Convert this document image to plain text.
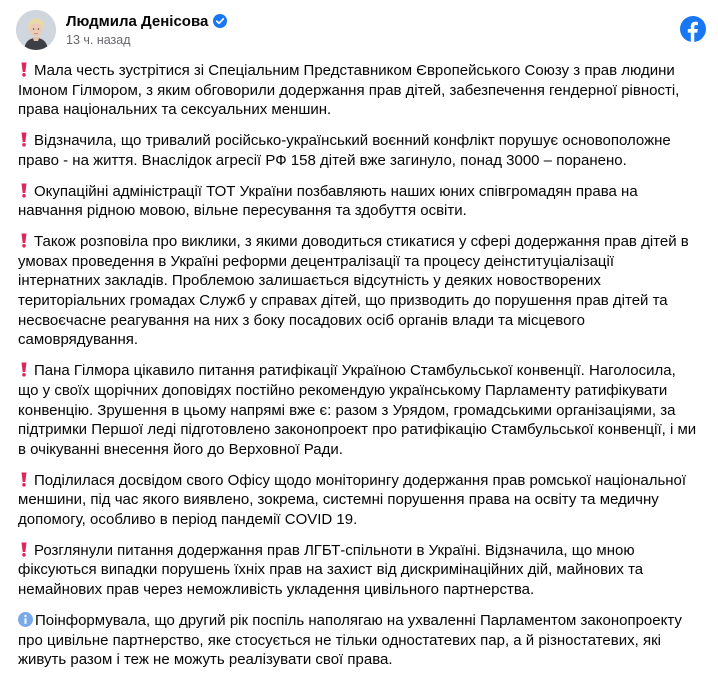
Людмила Денісова
13 ч. назад

Мала честь зустрітися зі Спеціальним Представником Європейського Союзу з прав людини Імоном Гілмором, з яким обговорили додержання прав дітей, забезпечення гендерної рівності, права національних та сексуальних меншин.

Відзначила, що тривалий російсько-український воєнний конфлікт порушує основоположне право - на життя. Внаслідок агресії РФ 158 дітей вже загинуло, понад 3000 – поранено.

Окупаційні адміністрації ТОТ України позбавляють наших юних співгромадян права на навчання рідною мовою, вільне пересування та здобуття освіти.

Також розповіла про виклики, з якими доводиться стикатися у сфері додержання прав дітей в умовах проведення в Україні реформи децентралізації та процесу деінституціалізації інтернатних закладів. Проблемою залишається відсутність у деяких новостворених територіальних громадах Служб у справах дітей, що призводить до порушення прав дітей та несвоєчасне реагування на них з боку посадових осіб органів влади та місцевого самоврядування.

Пана Гілмора цікавило питання ратифікації Україною Стамбульської конвенції. Наголосила, що у своїх щорічних доповідях постійно рекомендую українському Парламенту ратифікувати конвенцію. Зрушення в цьому напрямі вже є: разом з Урядом, громадськими організаціями, за підтримки Першої леді підготовлено законопроект про ратифікацію Стамбульської конвенції, і ми в очікуванні внесення його до Верховної Ради.

Поділилася досвідом свого Офісу щодо моніторингу додержання прав ромської національної меншини, під час якого виявлено, зокрема, системні порушення права на освіту та медичну допомогу, особливо в період пандемії COVID 19.

Розглянули питання додержання прав ЛГБТ-спільноти в Україні. Відзначила, що мною фіксуються випадки порушень їхніх прав на захист від дискримінаційних дій, майнових та немайнових прав через неможливість укладення цивільного партнерства.

Поінформувала, що другий рік поспіль наполягаю на ухваленні Парламентом законопроекту про цивільне партнерство, яке стосується не тільки одностатевих пар, а й різностатевих, які живуть разом і теж не можуть реалізувати свої права.
